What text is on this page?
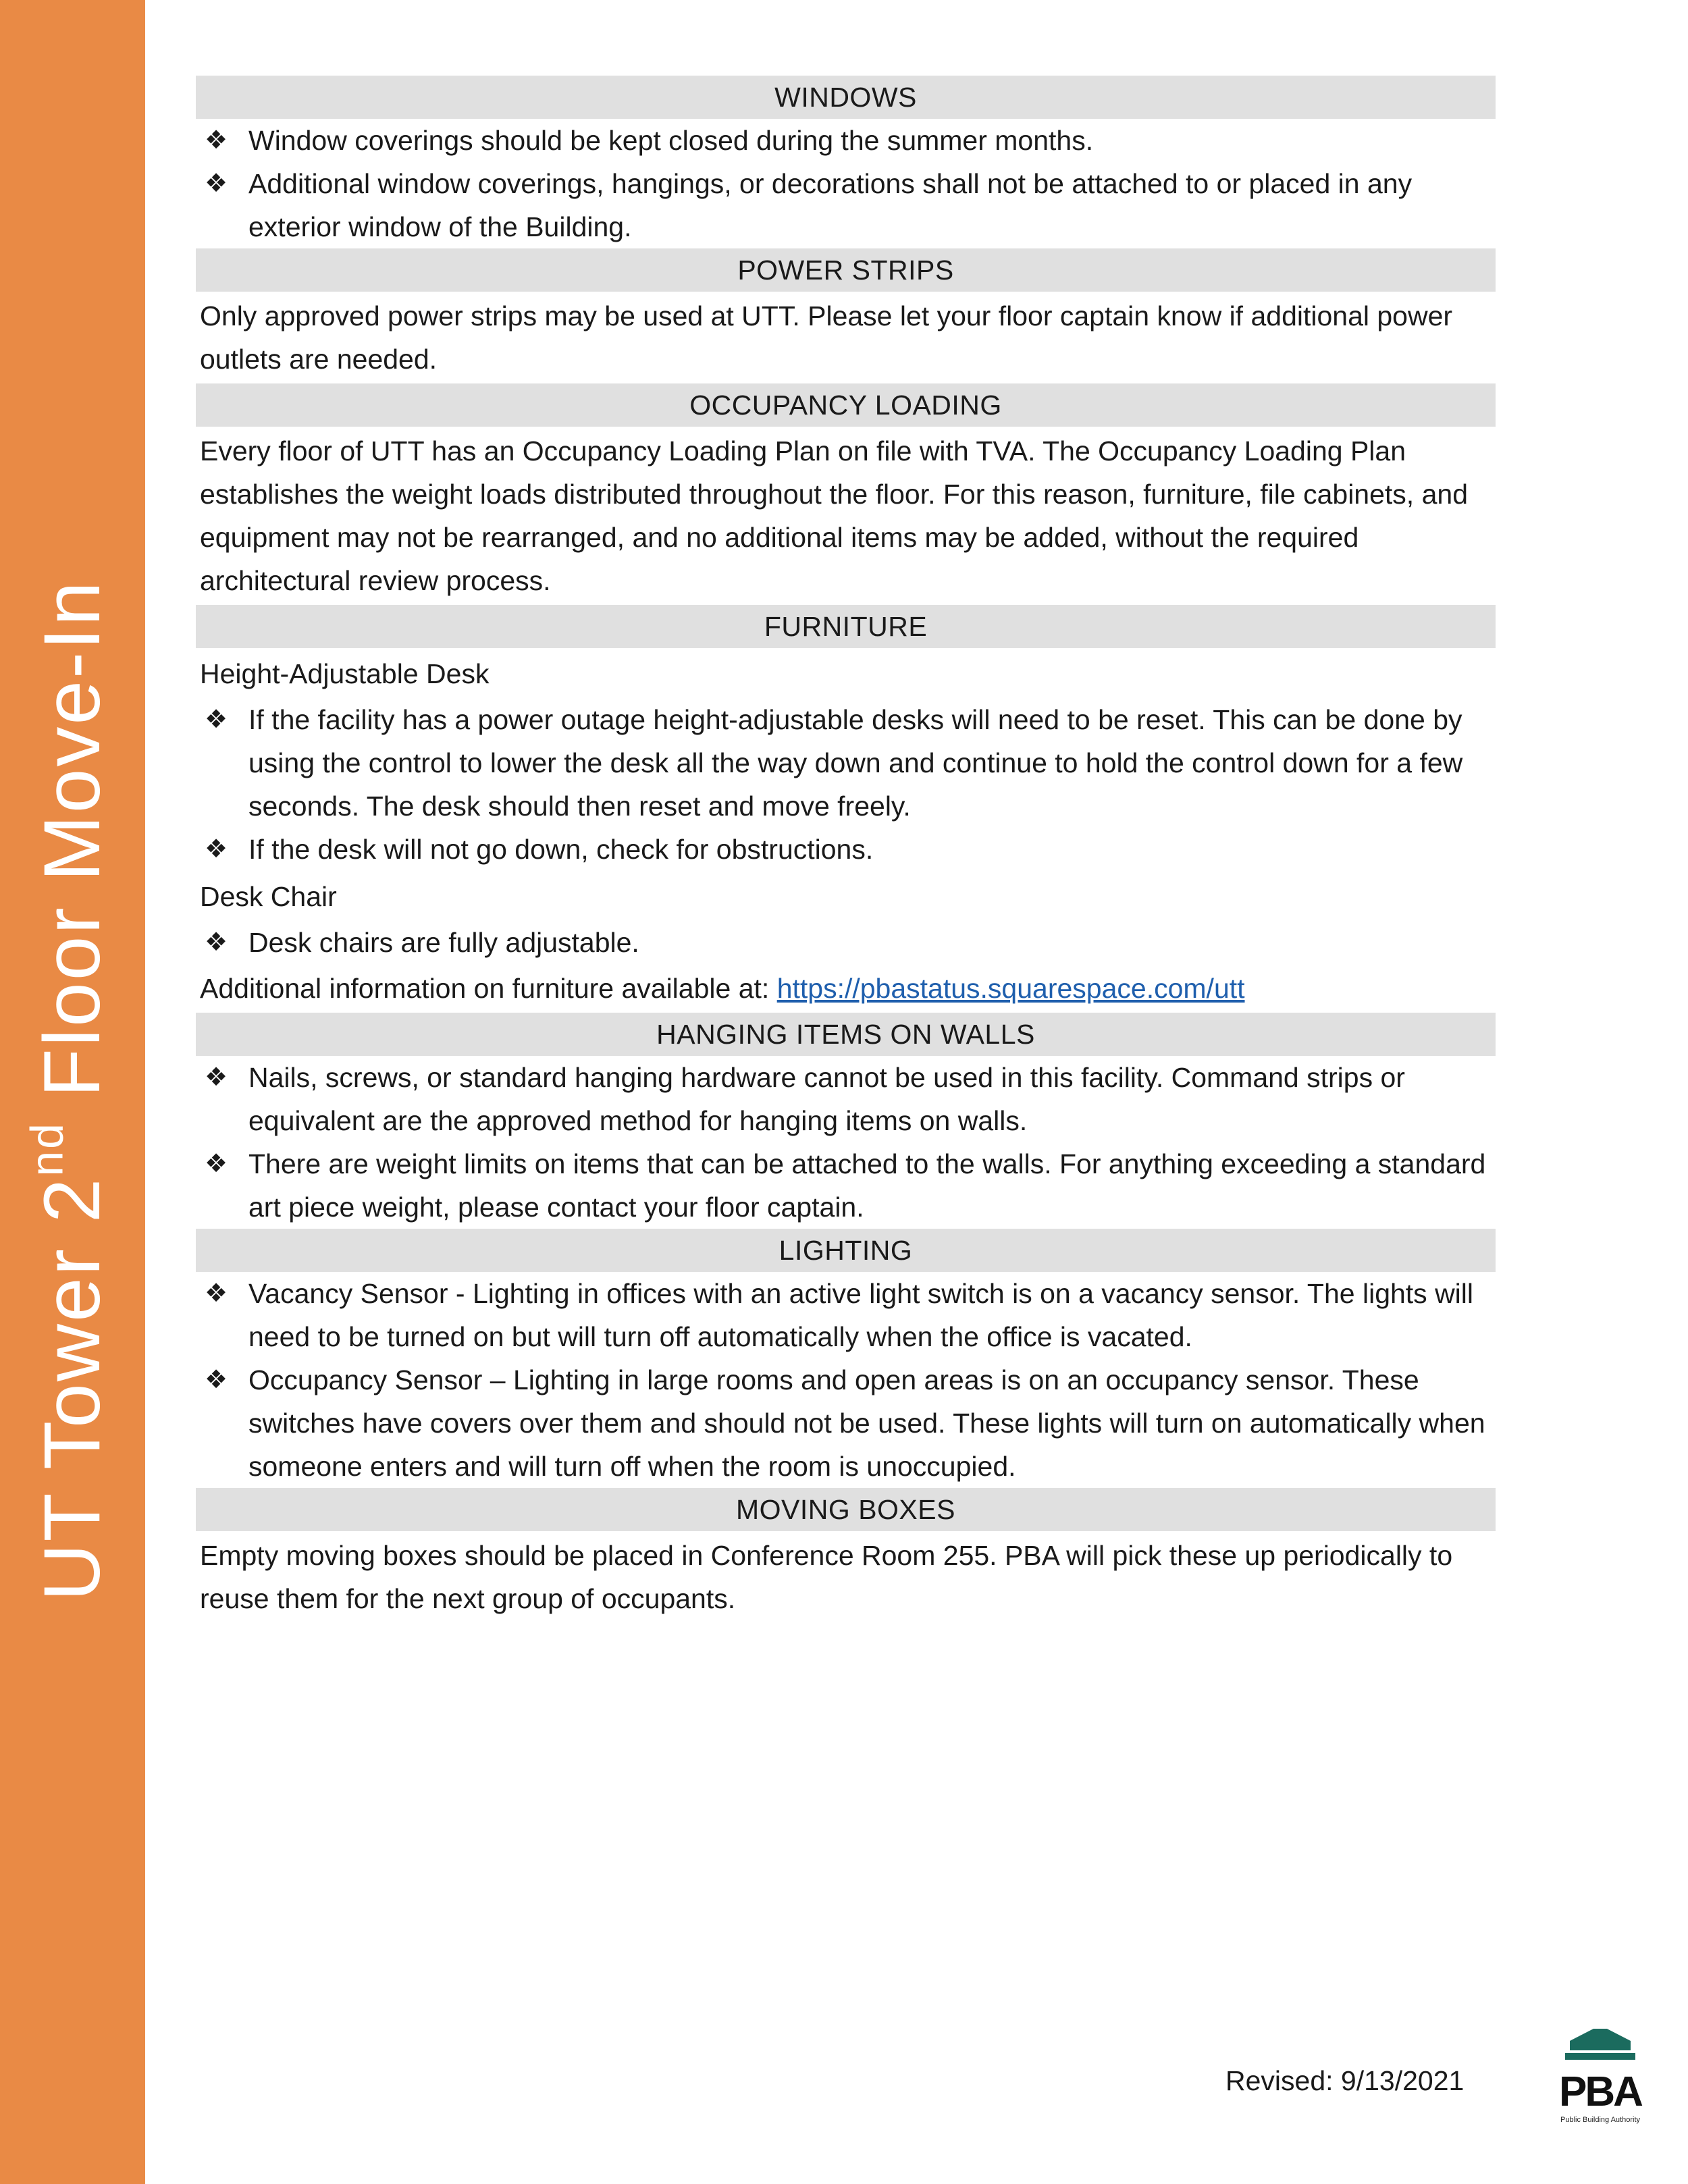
UT Tower 2nd Floor Move-In
WINDOWS
❖ Window coverings should be kept closed during the summer months.
❖ Additional window coverings, hangings, or decorations shall not be attached to or placed in any exterior window of the Building.
POWER STRIPS
Only approved power strips may be used at UTT. Please let your floor captain know if additional power outlets are needed.
OCCUPANCY LOADING
Every floor of UTT has an Occupancy Loading Plan on file with TVA. The Occupancy Loading Plan establishes the weight loads distributed throughout the floor. For this reason, furniture, file cabinets, and equipment may not be rearranged, and no additional items may be added, without the required architectural review process.
FURNITURE
Height-Adjustable Desk
❖ If the facility has a power outage height-adjustable desks will need to be reset. This can be done by using the control to lower the desk all the way down and continue to hold the control down for a few seconds. The desk should then reset and move freely.
❖ If the desk will not go down, check for obstructions.
Desk Chair
❖ Desk chairs are fully adjustable.
Additional information on furniture available at: https://pbastatus.squarespace.com/utt
HANGING ITEMS ON WALLS
❖ Nails, screws, or standard hanging hardware cannot be used in this facility. Command strips or equivalent are the approved method for hanging items on walls.
❖ There are weight limits on items that can be attached to the walls. For anything exceeding a standard art piece weight, please contact your floor captain.
LIGHTING
❖ Vacancy Sensor - Lighting in offices with an active light switch is on a vacancy sensor. The lights will need to be turned on but will turn off automatically when the office is vacated.
❖ Occupancy Sensor – Lighting in large rooms and open areas is on an occupancy sensor. These switches have covers over them and should not be used. These lights will turn on automatically when someone enters and will turn off when the room is unoccupied.
MOVING BOXES
Empty moving boxes should be placed in Conference Room 255. PBA will pick these up periodically to reuse them for the next group of occupants.
Revised: 9/13/2021	PBA
Public Building Authority
